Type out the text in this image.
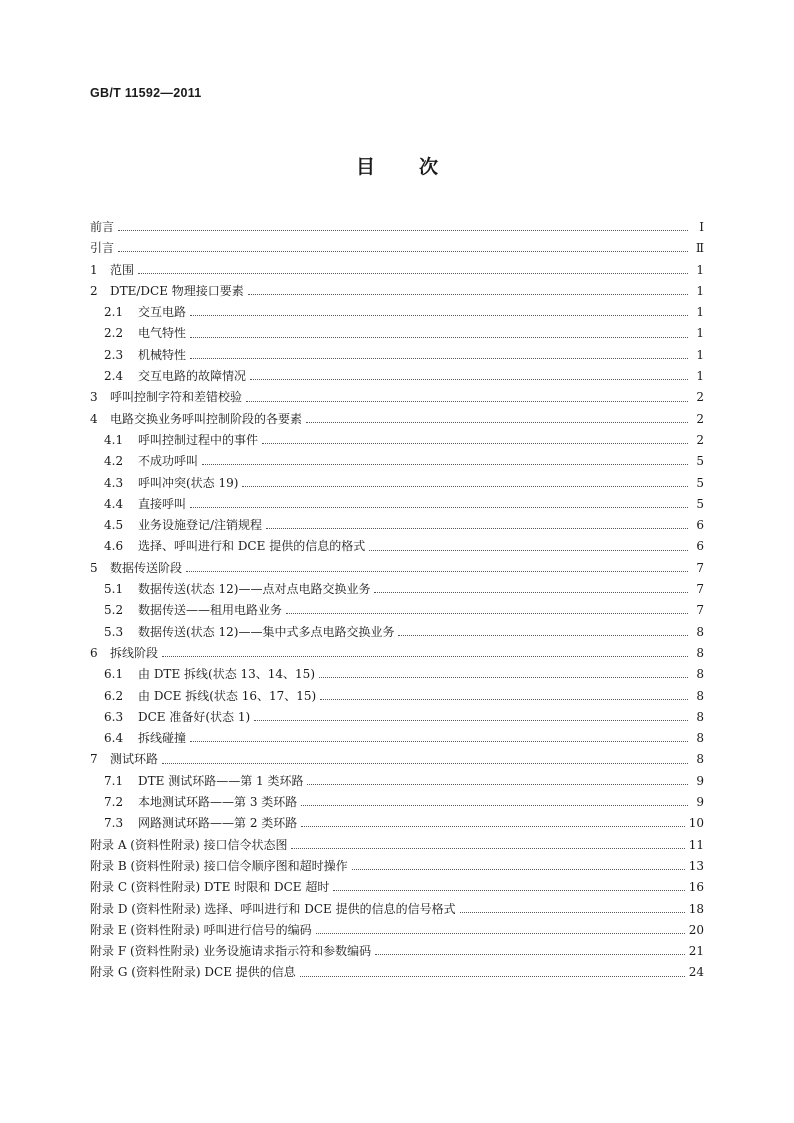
GB/T 11592—2011
目 次
前言	Ⅰ
引言	Ⅱ
1	范围	1
2	DTE/DCE 物理接口要素	1
2.1	交互电路	1
2.2	电气特性	1
2.3	机械特性	1
2.4	交互电路的故障情况	1
3	呼叫控制字符和差错校验	2
4	电路交换业务呼叫控制阶段的各要素	2
4.1	呼叫控制过程中的事件	2
4.2	不成功呼叫	5
4.3	呼叫冲突(状态 19)	5
4.4	直接呼叫	5
4.5	业务设施登记/注销规程	6
4.6	选择、呼叫进行和 DCE 提供的信息的格式	6
5	数据传送阶段	7
5.1	数据传送(状态 12)——点对点电路交换业务	7
5.2	数据传送——租用电路业务	7
5.3	数据传送(状态 12)——集中式多点电路交换业务	8
6	拆线阶段	8
6.1	由 DTE 拆线(状态 13、14、15)	8
6.2	由 DCE 拆线(状态 16、17、15)	8
6.3	DCE 准备好(状态 1)	8
6.4	拆线碰撞	8
7	测试环路	8
7.1	DTE 测试环路——第 1 类环路	9
7.2	本地测试环路——第 3 类环路	9
7.3	网路测试环路——第 2 类环路	10
附录 A (资料性附录) 接口信令状态图	11
附录 B (资料性附录) 接口信令顺序图和超时操作	13
附录 C (资料性附录) DTE 时限和 DCE 超时	16
附录 D (资料性附录) 选择、呼叫进行和 DCE 提供的信息的信号格式	18
附录 E (资料性附录) 呼叫进行信号的编码	20
附录 F (资料性附录) 业务设施请求指示符和参数编码	21
附录 G (资料性附录) DCE 提供的信息	24
